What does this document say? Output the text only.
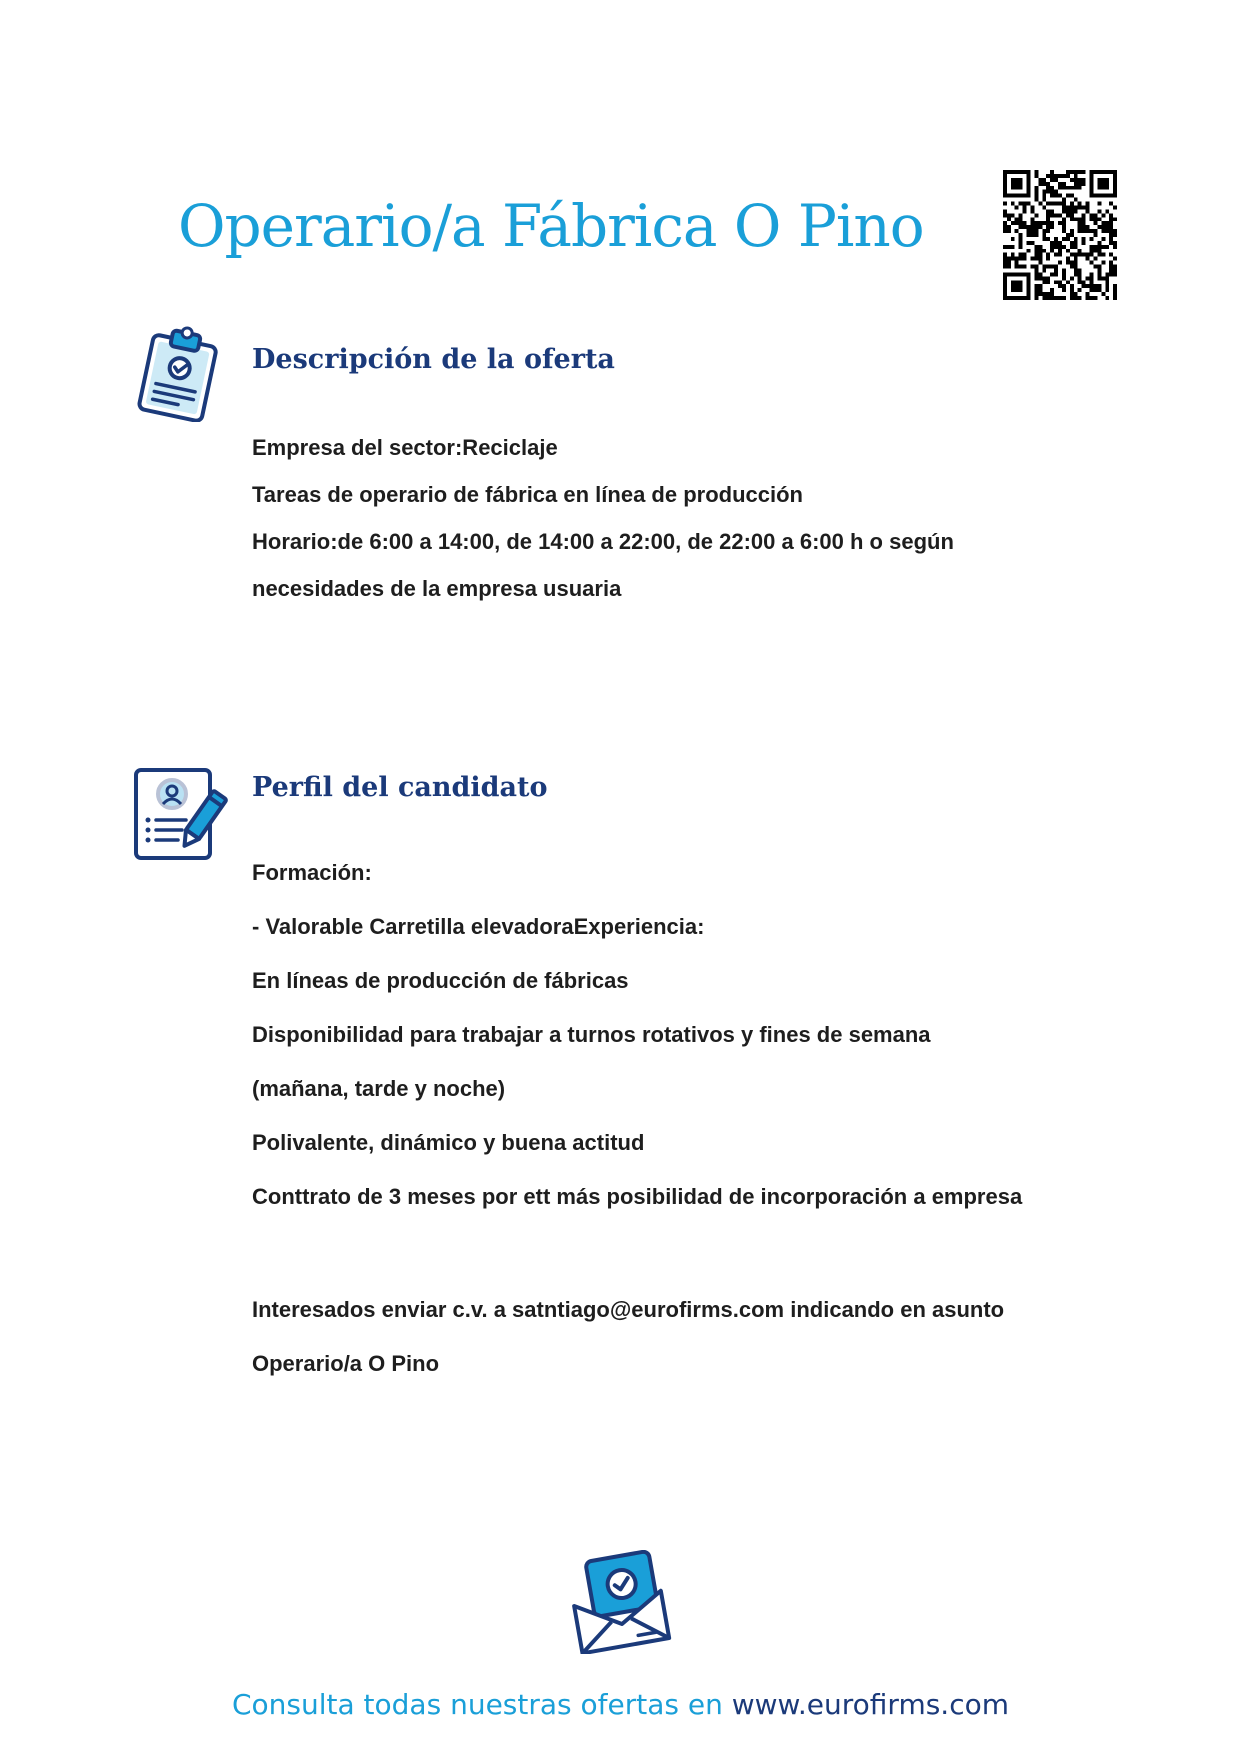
Operario/a Fábrica O Pino
Descripción de la oferta
Empresa del sector:Reciclaje
Tareas de operario de fábrica en línea de producción
Horario:de 6:00 a 14:00, de 14:00 a 22:00, de 22:00 a 6:00 h o según
necesidades de la empresa usuaria
Perfil del candidato
Formación:
- Valorable Carretilla elevadoraExperiencia:
En líneas de producción de fábricas
Disponibilidad para trabajar a turnos rotativos y fines de semana
(mañana, tarde y noche)
Polivalente, dinámico y buena actitud
Conttrato de 3 meses por ett más posibilidad de incorporación a empresa
Interesados enviar c.v. a satntiago@eurofirms.com indicando en asunto
Operario/a O Pino

Consulta todas nuestras ofertas en www.eurofirms.com
